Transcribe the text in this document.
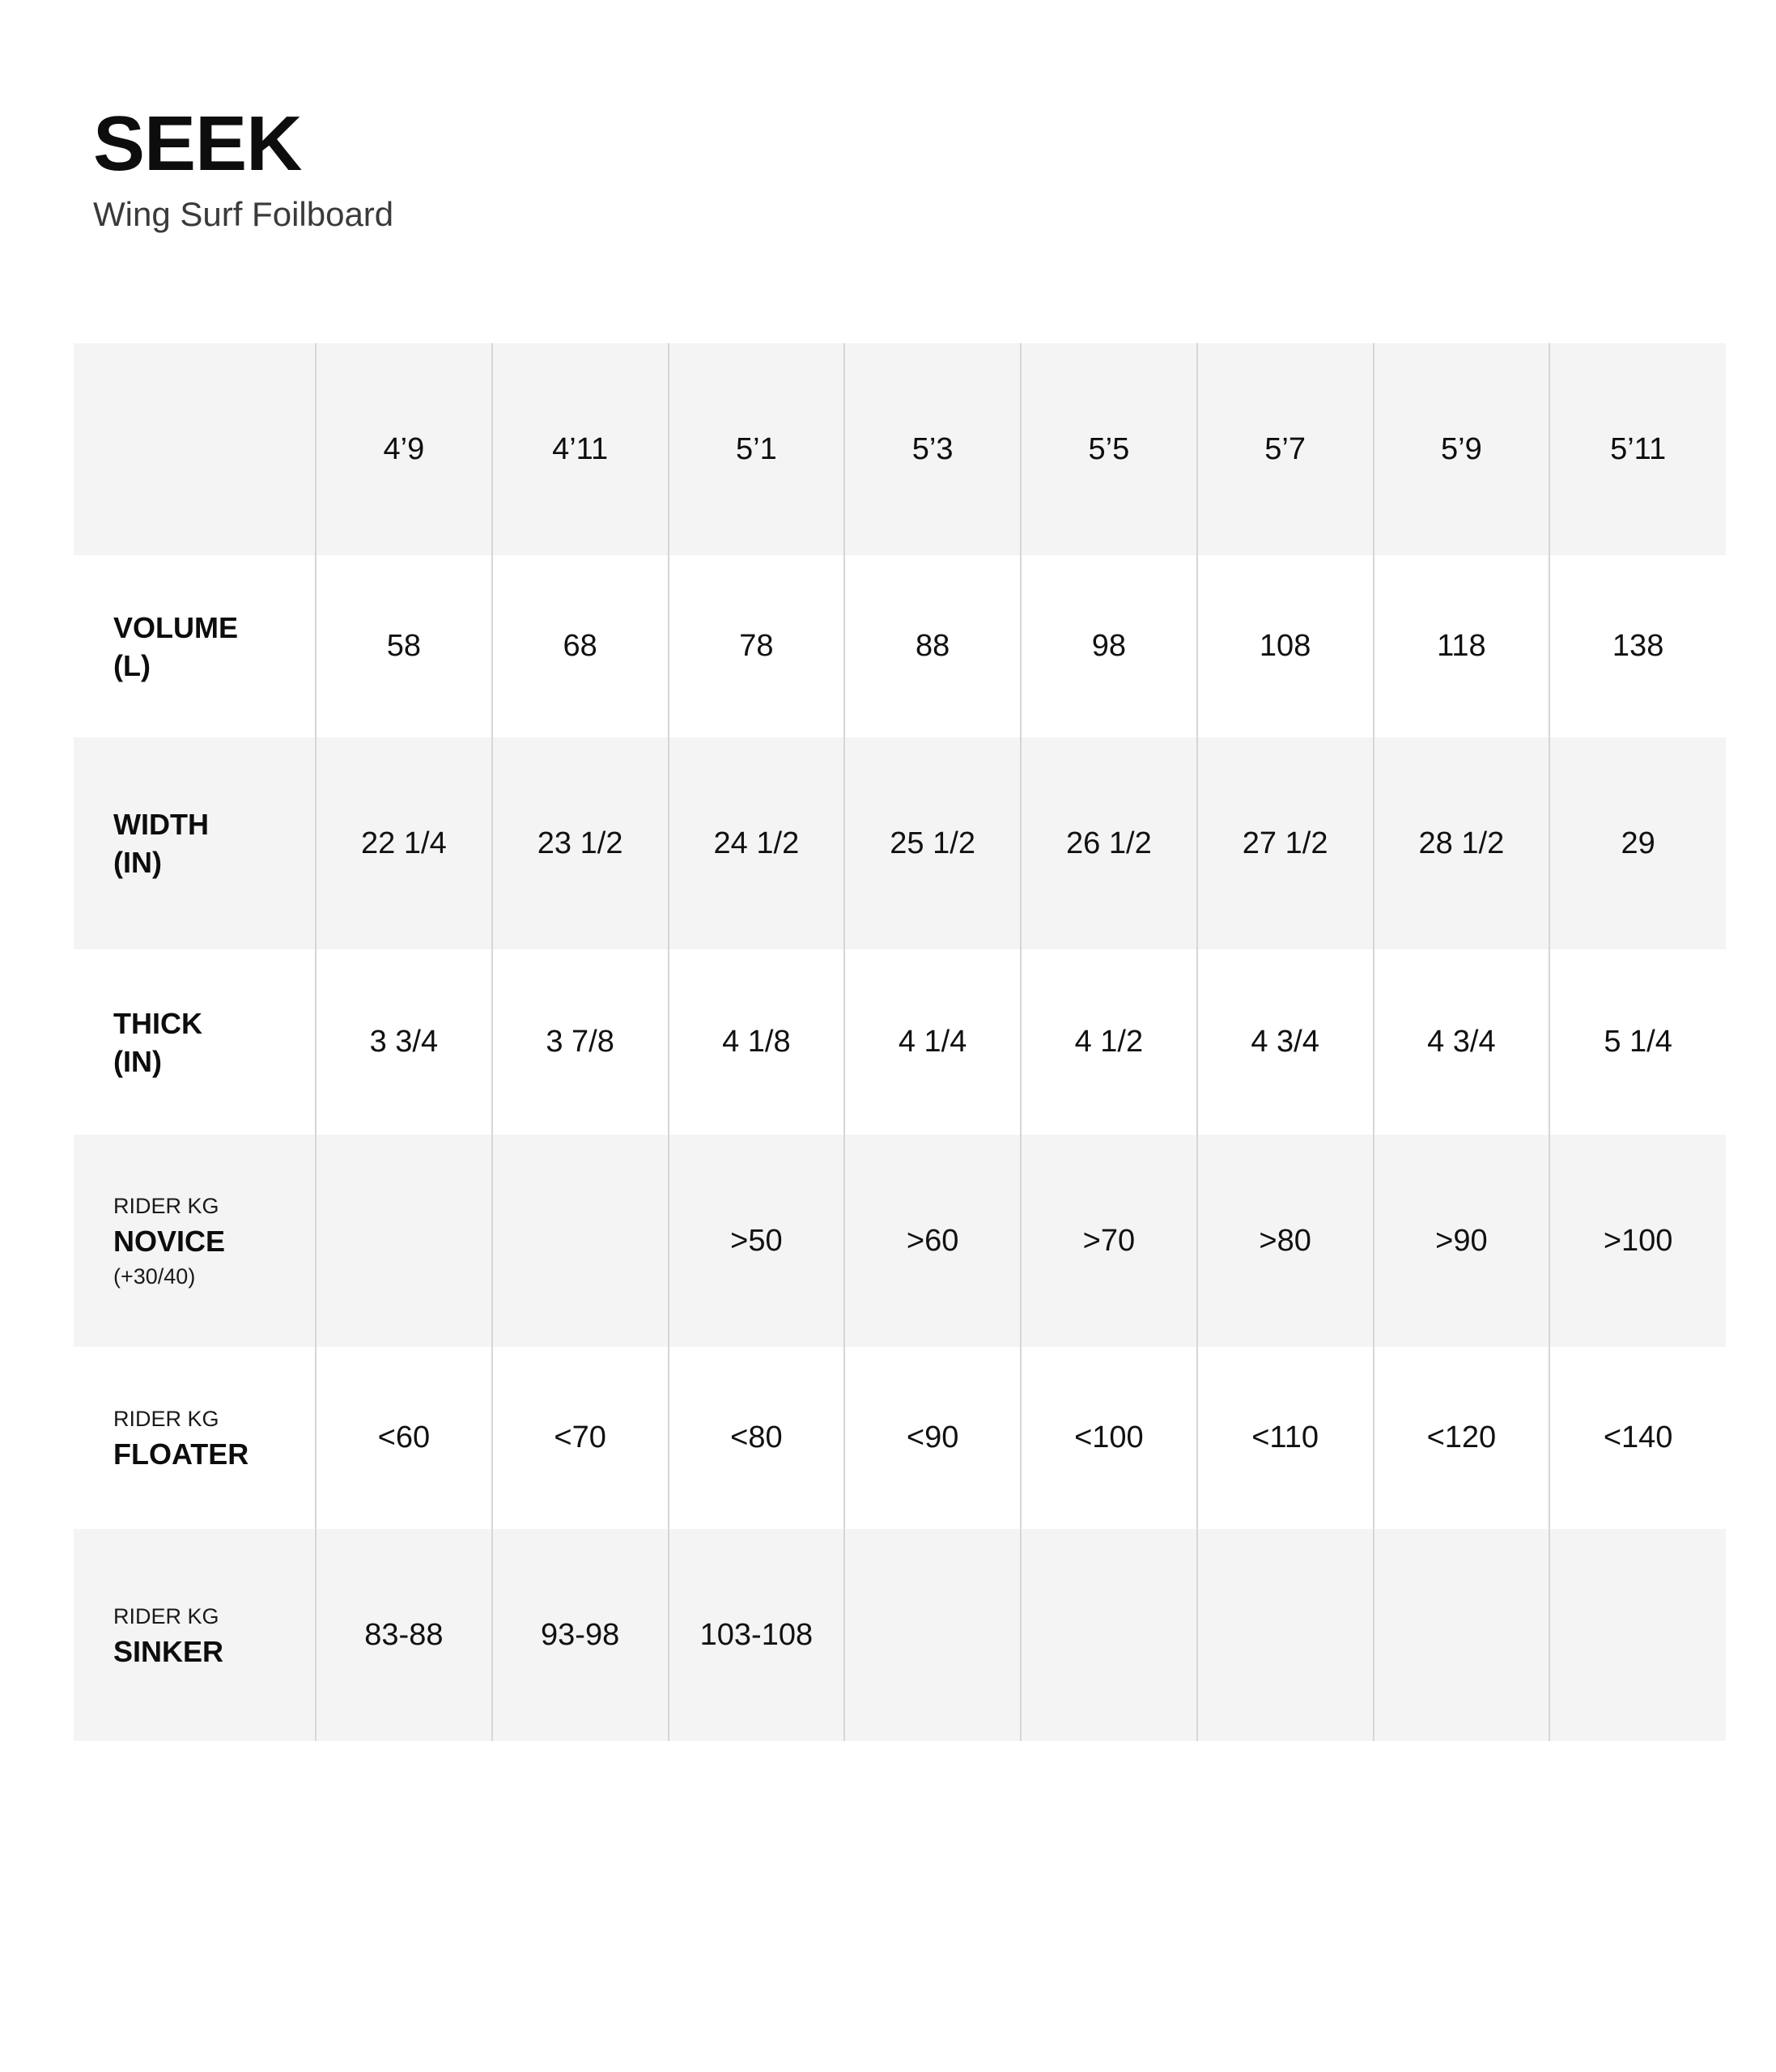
SEEK
Wing Surf Foilboard
	4’9	4’11	5’1	5’3	5’5	5’7	5’9	5’11

VOLUME
(L)	58	68	78	88	98	108	118	138

WIDTH
(IN)	22 1/4	23 1/2	24 1/2	25 1/2	26 1/2	27 1/2	28 1/2	29

THICK
(IN)	3 3/4	3 7/8	4 1/8	4 1/4	4 1/2	4 3/4	4 3/4	5 1/4

RIDER KG
NOVICE
(+30/40)			>50	>60	>70	>80	>90	>100

RIDER KG
FLOATER	<60	<70	<80	<90	<100	<110	<120	<140

RIDER KG
SINKER	83-88	93-98	103-108					
